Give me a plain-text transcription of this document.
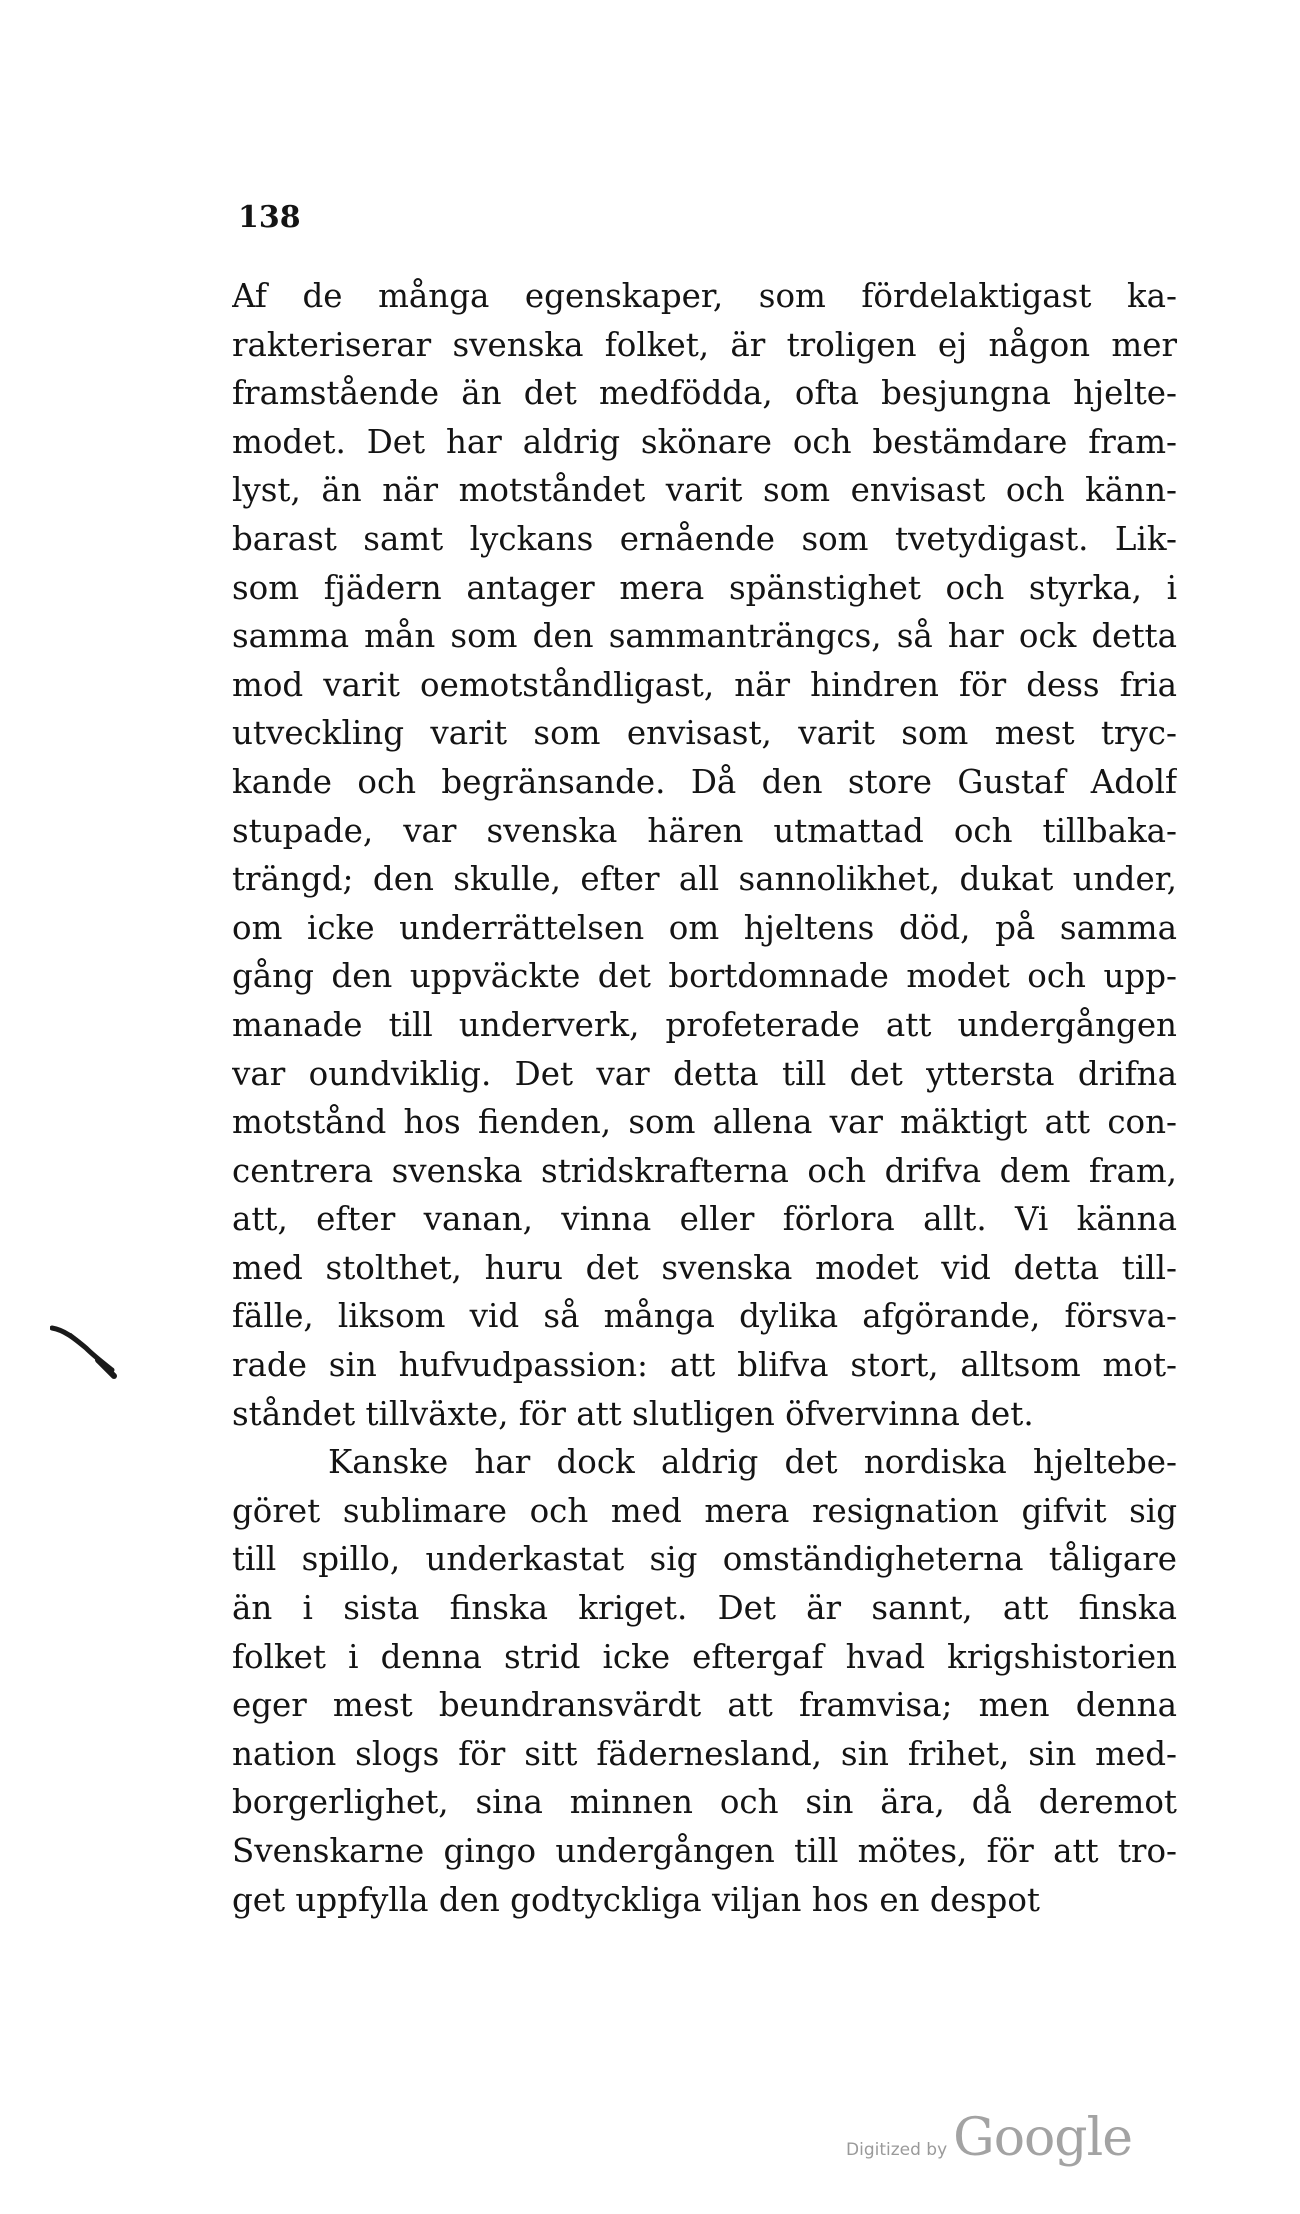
138
Af de många egenskaper, som fördelaktigast ka-
rakteriserar svenska folket, är troligen ej någon mer
framstående än det medfödda, ofta besjungna hjelte-
modet. Det har aldrig skönare och bestämdare fram-
lyst, än när motståndet varit som envisast och känn-
barast samt lyckans ernående som tvetydigast. Lik-
som fjädern antager mera spänstighet och styrka, i
samma mån som den sammanträngcs, så har ock detta
mod varit oemotståndligast, när hindren för dess fria
utveckling varit som envisast, varit som mest tryc-
kande och begränsande. Då den store Gustaf Adolf
stupade, var svenska hären utmattad och tillbaka-
trängd; den skulle, efter all sannolikhet, dukat under,
om icke underrättelsen om hjeltens död, på samma
gång den uppväckte det bortdomnade modet och upp-
manade till underverk, profeterade att undergången
var oundviklig. Det var detta till det yttersta drifna
motstånd hos fienden, som allena var mäktigt att con-
centrera svenska stridskrafterna och drifva dem fram,
att, efter vanan, vinna eller förlora allt. Vi känna
med stolthet, huru det svenska modet vid detta till-
fälle, liksom vid så många dylika afgörande, försva-
rade sin hufvudpassion: att blifva stort, alltsom mot-
ståndet tillväxte, för att slutligen öfvervinna det.
Kanske har dock aldrig det nordiska hjeltebe-
göret sublimare och med mera resignation gifvit sig
till spillo, underkastat sig omständigheterna tåligare
än i sista finska kriget. Det är sannt, att finska
folket i denna strid icke eftergaf hvad krigshistorien
eger mest beundransvärdt att framvisa; men denna
nation slogs för sitt fädernesland, sin frihet, sin med-
borgerlighet, sina minnen och sin ära, då deremot
Svenskarne gingo undergången till mötes, för att tro-
get uppfylla den godtyckliga viljan hos en despot
Digitized by Google
